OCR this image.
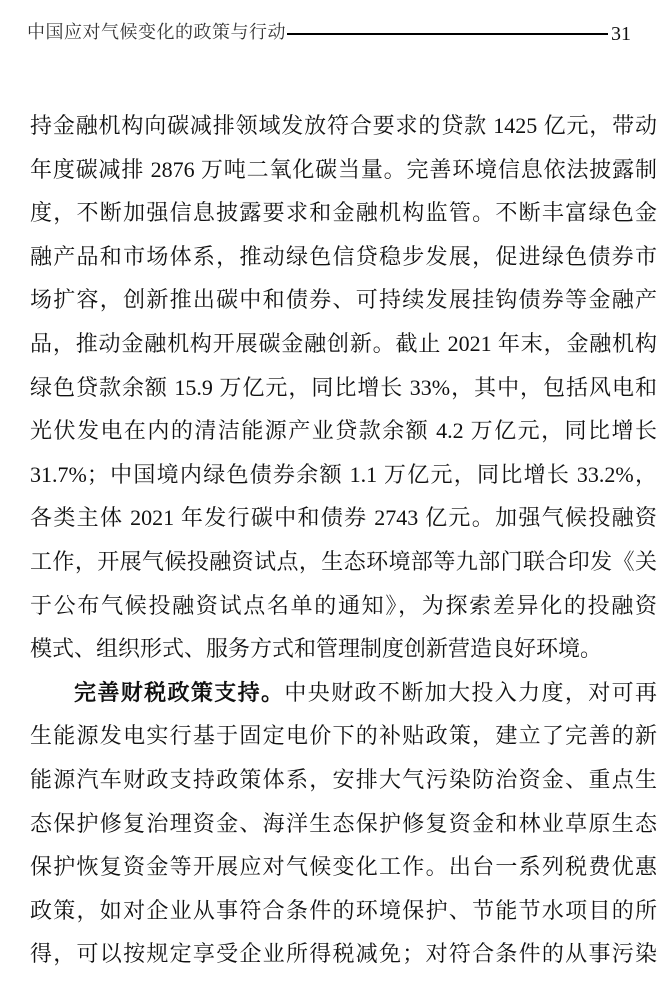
中国应对气候变化的政策与行动	31
持金融机构向碳减排领域发放符合要求的贷款 1425 亿元，带动
年度碳减排 2876 万吨二氧化碳当量。完善环境信息依法披露制
度，不断加强信息披露要求和金融机构监管。不断丰富绿色金
融产品和市场体系，推动绿色信贷稳步发展，促进绿色债券市
场扩容，创新推出碳中和债券、可持续发展挂钩债券等金融产
品，推动金融机构开展碳金融创新。截止 2021 年末，金融机构
绿色贷款余额 15.9 万亿元，同比增长 33%，其中，包括风电和
光伏发电在内的清洁能源产业贷款余额 4.2 万亿元，同比增长
31.7%；中国境内绿色债券余额 1.1 万亿元，同比增长 33.2%，
各类主体 2021 年发行碳中和债券 2743 亿元。加强气候投融资
工作，开展气候投融资试点，生态环境部等九部门联合印发《关
于公布气候投融资试点名单的通知》，为探索差异化的投融资
模式、组织形式、服务方式和管理制度创新营造良好环境。
完善财税政策支持。中央财政不断加大投入力度，对可再
生能源发电实行基于固定电价下的补贴政策，建立了完善的新
能源汽车财政支持政策体系，安排大气污染防治资金、重点生
态保护修复治理资金、海洋生态保护修复资金和林业草原生态
保护恢复资金等开展应对气候变化工作。出台一系列税费优惠
政策，如对企业从事符合条件的环境保护、节能节水项目的所
得，可以按规定享受企业所得税减免；对符合条件的从事污染
